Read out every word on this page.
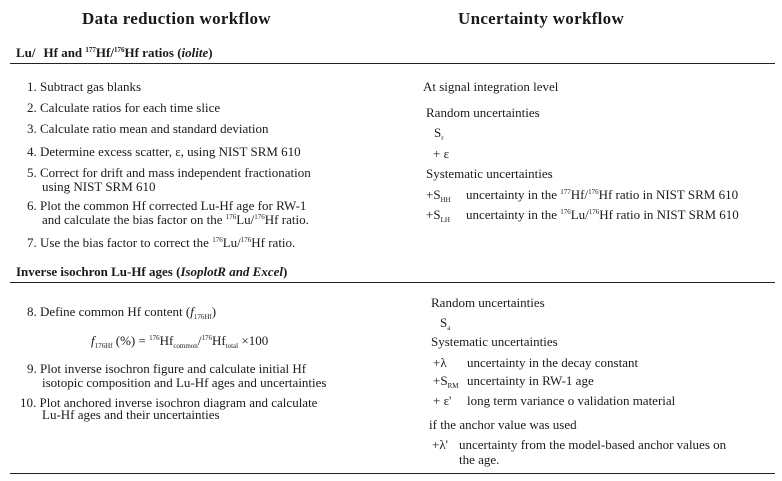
Data reduction workflow	Uncertainty workflow
Lu/ Hf and $^{177}$Hf/$^{176}$Hf ratios (iolite)
1. Subtract gas blanks
2. Calculate ratios for each time slice
3. Calculate ratio mean and standard deviation
4. Determine excess scatter, ε, using NIST SRM 610
5. Correct for drift and mass independent fractionation
using NIST SRM 610
6. Plot the common Hf corrected Lu-Hf age for RW-1
and calculate the bias factor on the $^{176}$Lu/$^{176}$Hf ratio.
7. Use the bias factor to correct the $^{176}$Lu/$^{176}$Hf ratio.
Inverse isochron Lu-Hf ages (IsoplotR and Excel)
8. Define common Hf content $(f_{176Hf})$
$f_{176Hf}$ (%) = $^{176}Hf_{common}/^{176}Hf_{total} \times 100$
9. Plot inverse isochron figure and calculate initial Hf
isotopic composition and Lu-Hf ages and uncertainties
10. Plot anchored inverse isochron diagram and calculate
Lu-Hf ages and their uncertainties
At signal integration level
Random uncertainties
$S_r$
+ ε
Systematic uncertainties
$+S_{HH}$ uncertainty in the $^{177}$Hf/$^{176}$Hf ratio in NIST SRM 610
$+S_{LH}$ uncertainty in the $^{176}$Lu/$^{176}$Hf ratio in NIST SRM 610
Random uncertainties
$S_a$
Systematic uncertainties
+λ uncertainty in the decay constant
$+S_{RM}$ uncertainty in RW-1 age
+ ε' long term variance o validation material
if the anchor value was used
+λ' uncertainty from the model-based anchor values on
the age.
